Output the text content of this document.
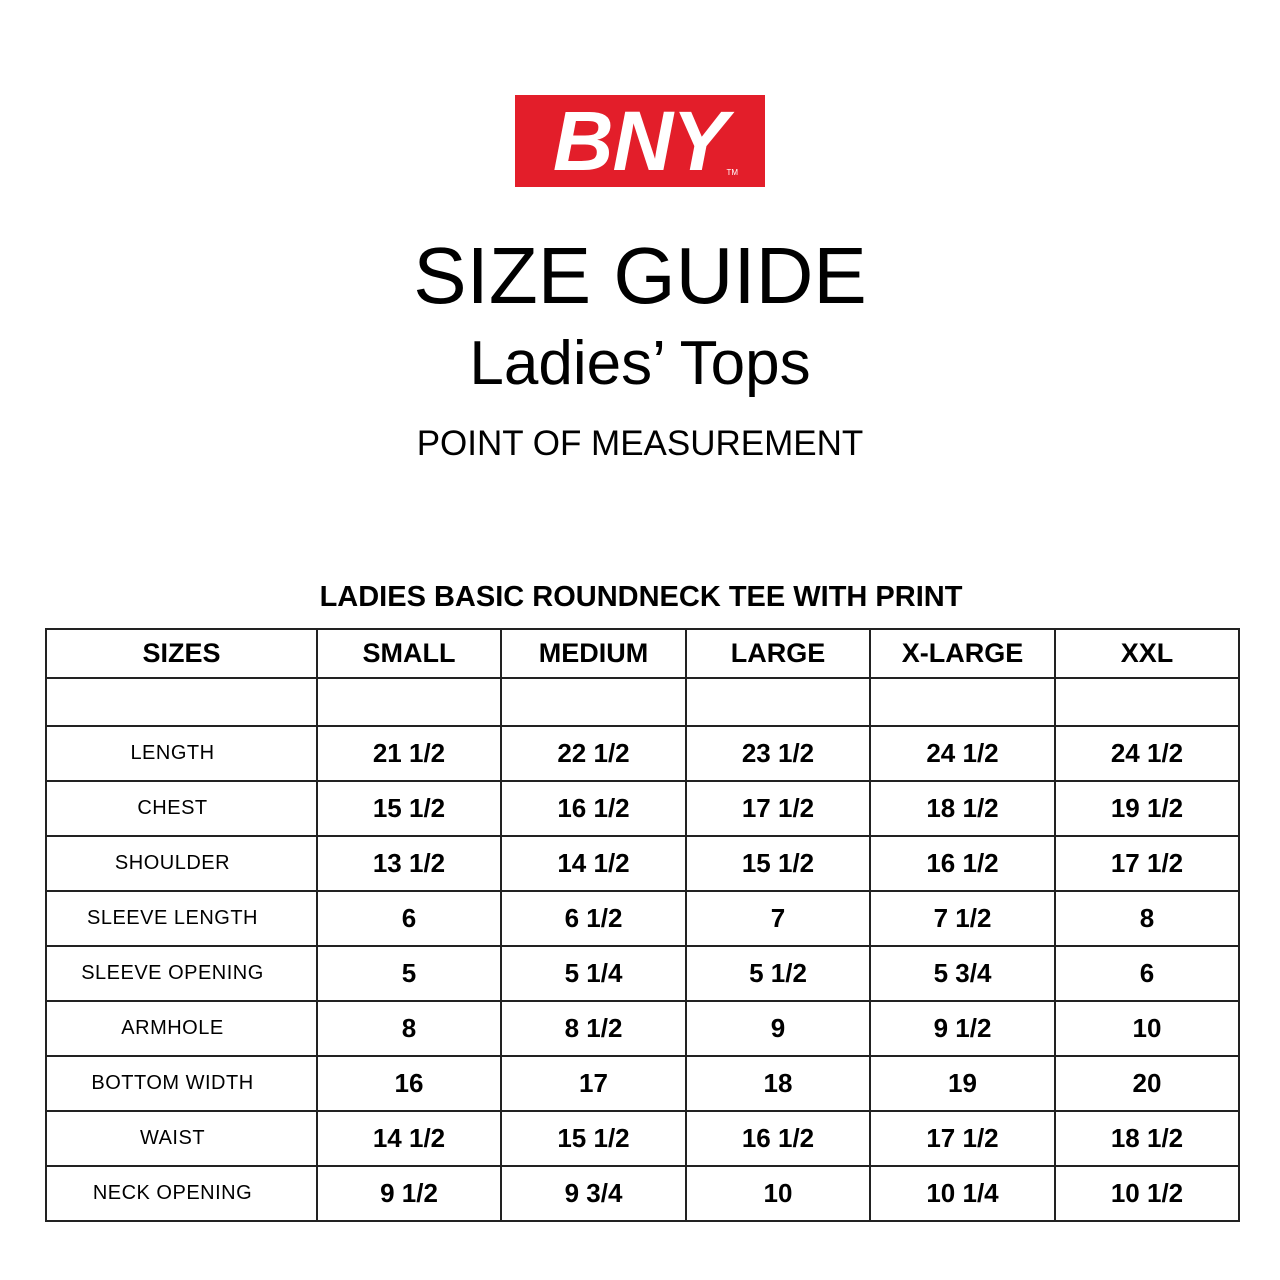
BNY TM
SIZE GUIDE
Ladies’ Tops
POINT OF MEASUREMENT
LADIES BASIC ROUNDNECK TEE WITH PRINT
SIZES	SMALL	MEDIUM	LARGE	X-LARGE	XXL

LENGTH	21 1/2	22 1/2	23 1/2	24 1/2	24 1/2
CHEST	15 1/2	16 1/2	17 1/2	18 1/2	19 1/2
SHOULDER	13 1/2	14 1/2	15 1/2	16 1/2	17 1/2
SLEEVE LENGTH	6	6 1/2	7	7 1/2	8
SLEEVE OPENING	5	5 1/4	5 1/2	5 3/4	6
ARMHOLE	8	8 1/2	9	9 1/2	10
BOTTOM WIDTH	16	17	18	19	20
WAIST	14 1/2	15 1/2	16 1/2	17 1/2	18 1/2
NECK OPENING	9 1/2	9 3/4	10	10 1/4	10 1/2
